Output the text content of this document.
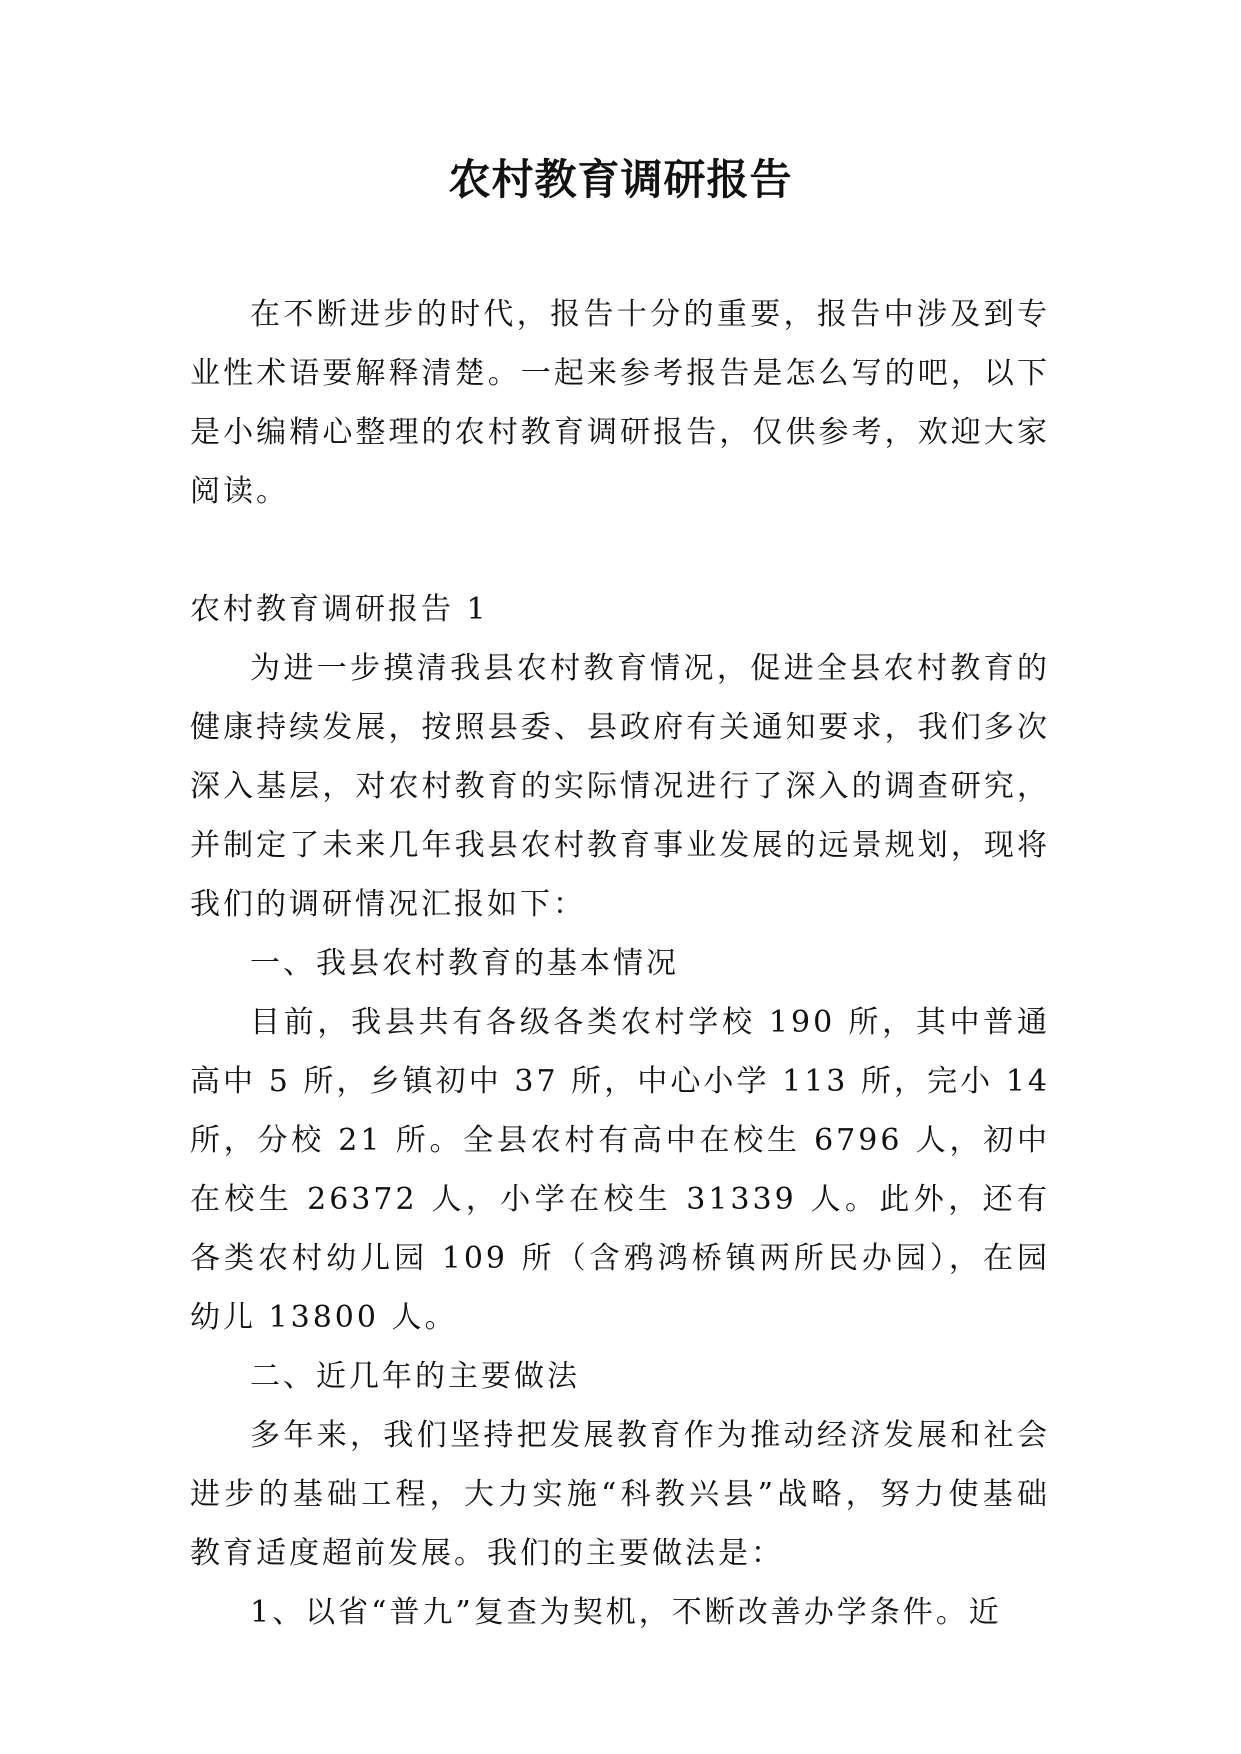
农村教育调研报告

在不断进步的时代，报告十分的重要，报告中涉及到专业性术语要解释清楚。一起来参考报告是怎么写的吧，以下是小编精心整理的农村教育调研报告，仅供参考，欢迎大家阅读。

农村教育调研报告 1

为进一步摸清我县农村教育情况，促进全县农村教育的健康持续发展，按照县委、县政府有关通知要求，我们多次深入基层，对农村教育的实际情况进行了深入的调查研究，并制定了未来几年我县农村教育事业发展的远景规划，现将我们的调研情况汇报如下：

一、我县农村教育的基本情况

目前，我县共有各级各类农村学校 190 所，其中普通高中 5 所，乡镇初中 37 所，中心小学 113 所，完小 14 所，分校 21 所。全县农村有高中在校生 6796 人，初中在校生 26372 人，小学在校生 31339 人。此外，还有各类农村幼儿园 109 所（含鸦鸿桥镇两所民办园），在园幼儿 13800 人。

二、近几年的主要做法

多年来，我们坚持把发展教育作为推动经济发展和社会进步的基础工程，大力实施“科教兴县”战略，努力使基础教育适度超前发展。我们的主要做法是：

1、以省“普九”复查为契机，不断改善办学条件。近
